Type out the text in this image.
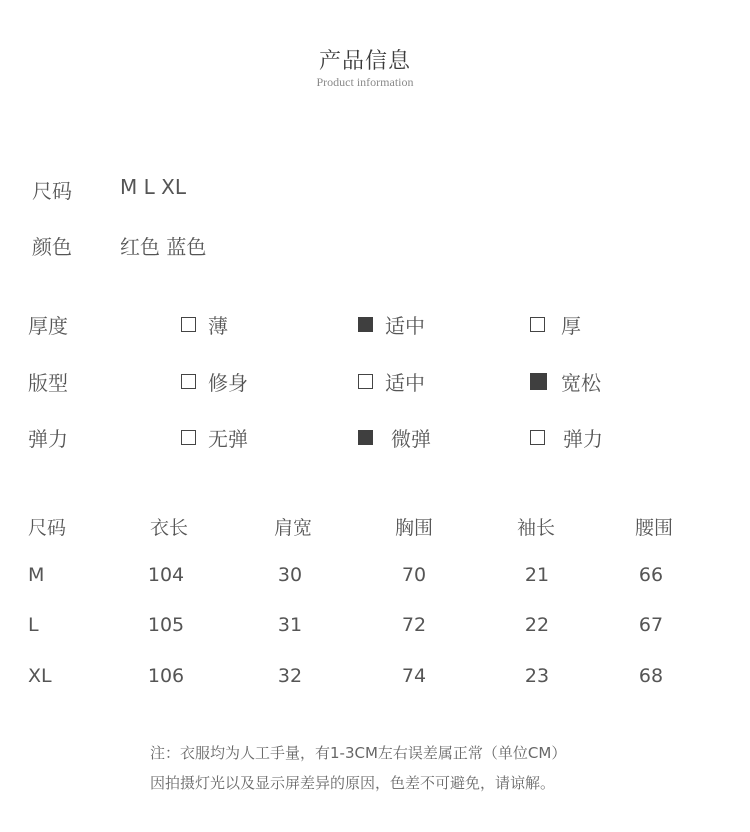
产品信息
Product information
尺码 M L XL
颜色 红色 蓝色
厚度	薄	适中	厚
版型	修身	适中	宽松
弹力	无弹	微弹	弹力
尺码	衣长	肩宽	胸围	袖长	腰围
M	104	30	70	21	66
L	105	31	72	22	67
XL	106	32	74	23	68
注：衣服均为人工手量，有1-3CM左右误差属正常（单位CM）
因拍摄灯光以及显示屏差异的原因，色差不可避免，请谅解。
